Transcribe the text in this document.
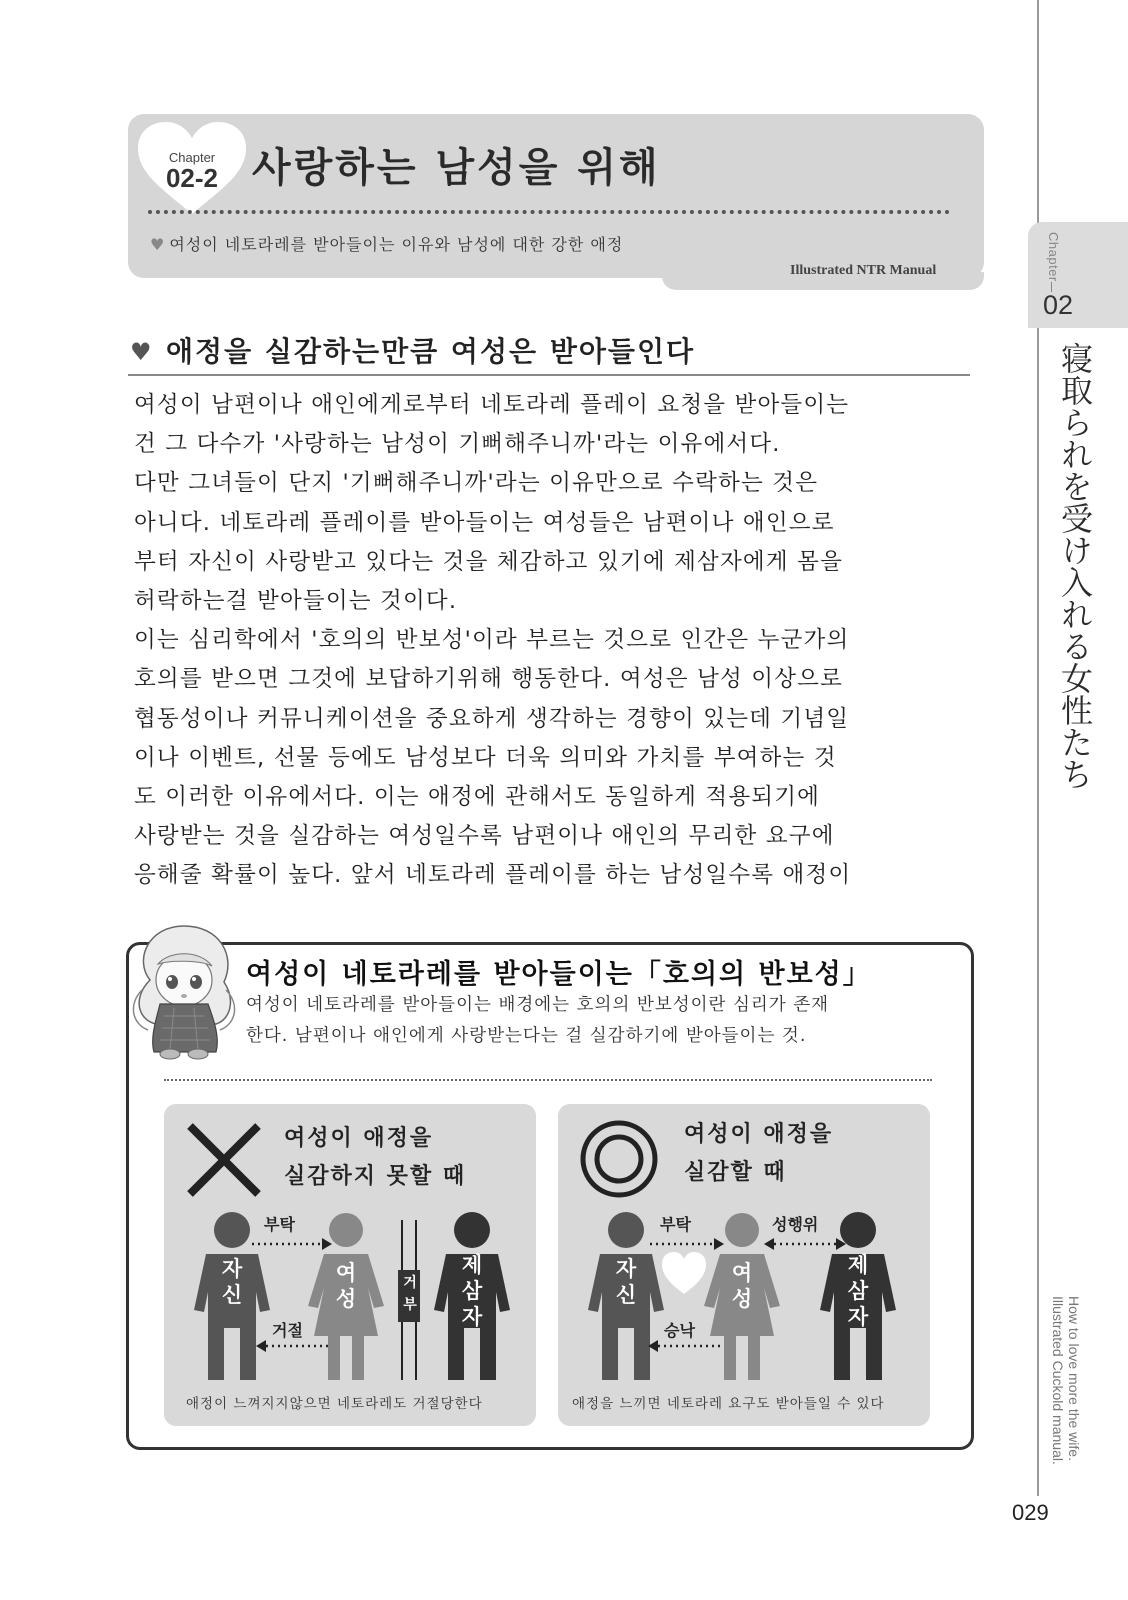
Chapter
02
寝取られを受け入れる女性たち
How to love more the wife.
Illustrated Cuckold manual.
029
Chapter
02-2 사랑하는 남성을 위해
♥ 여성이 네토라레를 받아들이는 이유와 남성에 대한 강한 애정
Illustrated NTR Manual
♥ 애정을 실감하는만큼 여성은 받아들인다
여성이 남편이나 애인에게로부터 네토라레 플레이 요청을 받아들이는
건 그 다수가 '사랑하는 남성이 기뻐해주니까'라는 이유에서다.
다만 그녀들이 단지 '기뻐해주니까'라는 이유만으로 수락하는 것은
아니다. 네토라레 플레이를 받아들이는 여성들은 남편이나 애인으로
부터 자신이 사랑받고 있다는 것을 체감하고 있기에 제삼자에게 몸을
허락하는걸 받아들이는 것이다.
이는 심리학에서 '호의의 반보성'이라 부르는 것으로 인간은 누군가의
호의를 받으면 그것에 보답하기위해 행동한다. 여성은 남성 이상으로
협동성이나 커뮤니케이션을 중요하게 생각하는 경향이 있는데 기념일
이나 이벤트, 선물 등에도 남성보다 더욱 의미와 가치를 부여하는 것
도 이러한 이유에서다. 이는 애정에 관해서도 동일하게 적용되기에
사랑받는 것을 실감하는 여성일수록 남편이나 애인의 무리한 요구에
응해줄 확률이 높다. 앞서 네토라레 플레이를 하는 남성일수록 애정이
여성이 네토라레를 받아들이는「호의의 반보성」
여성이 네토라레를 받아들이는 배경에는 호의의 반보성이란 심리가 존재
한다. 남편이나 애인에게 사랑받는다는 걸 실감하기에 받아들이는 것.
여성이 애정을
실감하지 못할 때
부탁
거절
자신
여성
거부
제삼자
애정이 느껴지지않으면 네토라레도 거절당한다
여성이 애정을
실감할 때
부탁	성행위
승낙
자신
여성
제삼자
애정을 느끼면 네토라레 요구도 받아들일 수 있다
